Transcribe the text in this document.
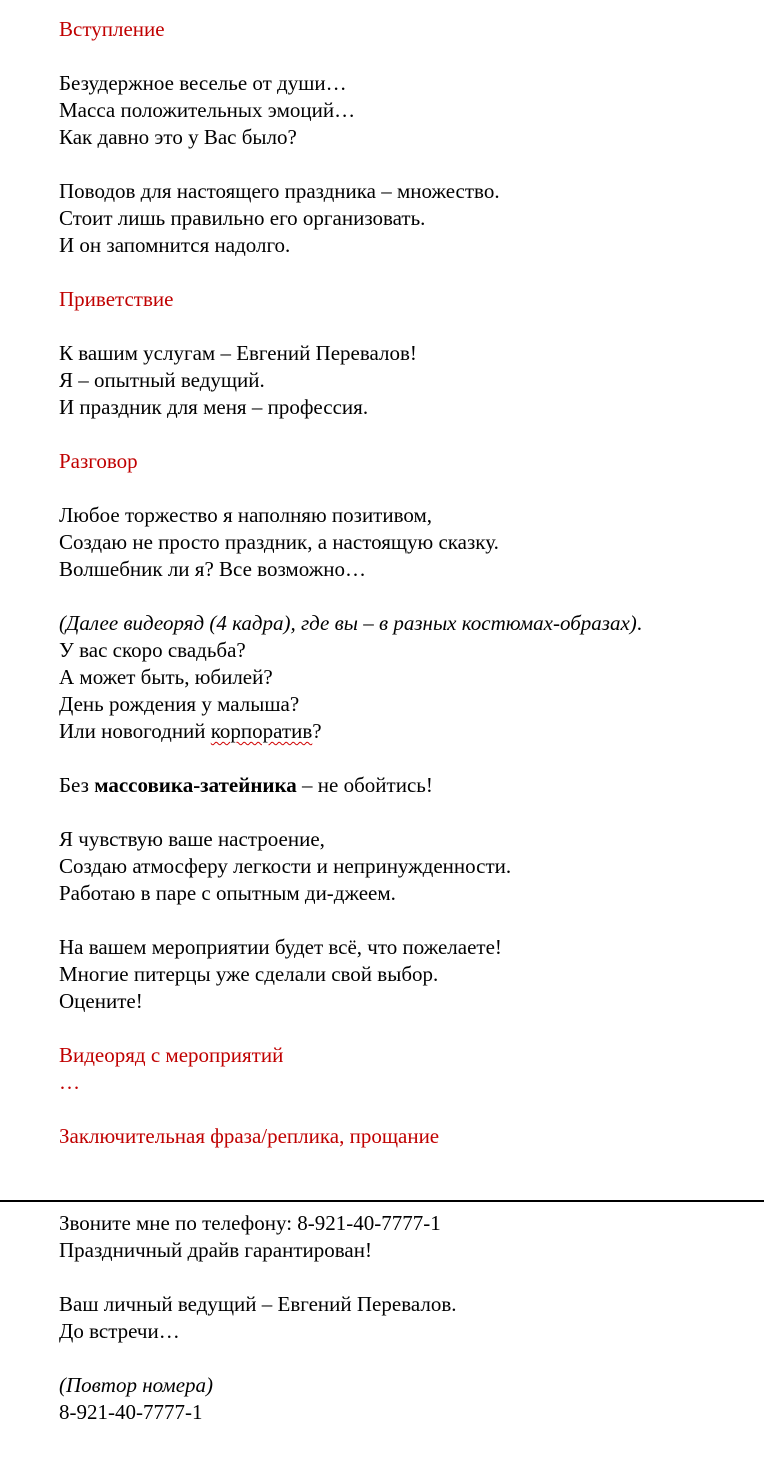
Вступление
Безудержное веселье от души…
Масса положительных эмоций…
Как давно это у Вас было?
Поводов для настоящего праздника – множество.
Стоит лишь правильно его организовать.
И он запомнится надолго.
Приветствие
К вашим услугам – Евгений Перевалов!
Я – опытный ведущий.
И праздник для меня – профессия.
Разговор
Любое торжество я наполняю позитивом,
Создаю не просто праздник, а настоящую сказку.
Волшебник ли я? Все возможно…
(Далее видеоряд (4 кадра), где вы – в разных костюмах-образах).
У вас скоро свадьба?
А может быть, юбилей?
День рождения у малыша?
Или новогодний корпоратив?
Без массовика-затейника – не обойтись!
Я чувствую ваше настроение,
Создаю атмосферу легкости и непринужденности.
Работаю в паре с опытным ди-джеем.
На вашем мероприятии будет всё, что пожелаете!
Многие питерцы уже сделали свой выбор.
Оцените!
Видеоряд с мероприятий
…
Заключительная фраза/реплика, прощание
Звоните мне по телефону: 8-921-40-7777-1
Праздничный драйв гарантирован!
Ваш личный ведущий – Евгений Перевалов.
До встречи…
(Повтор номера)
8-921-40-7777-1
